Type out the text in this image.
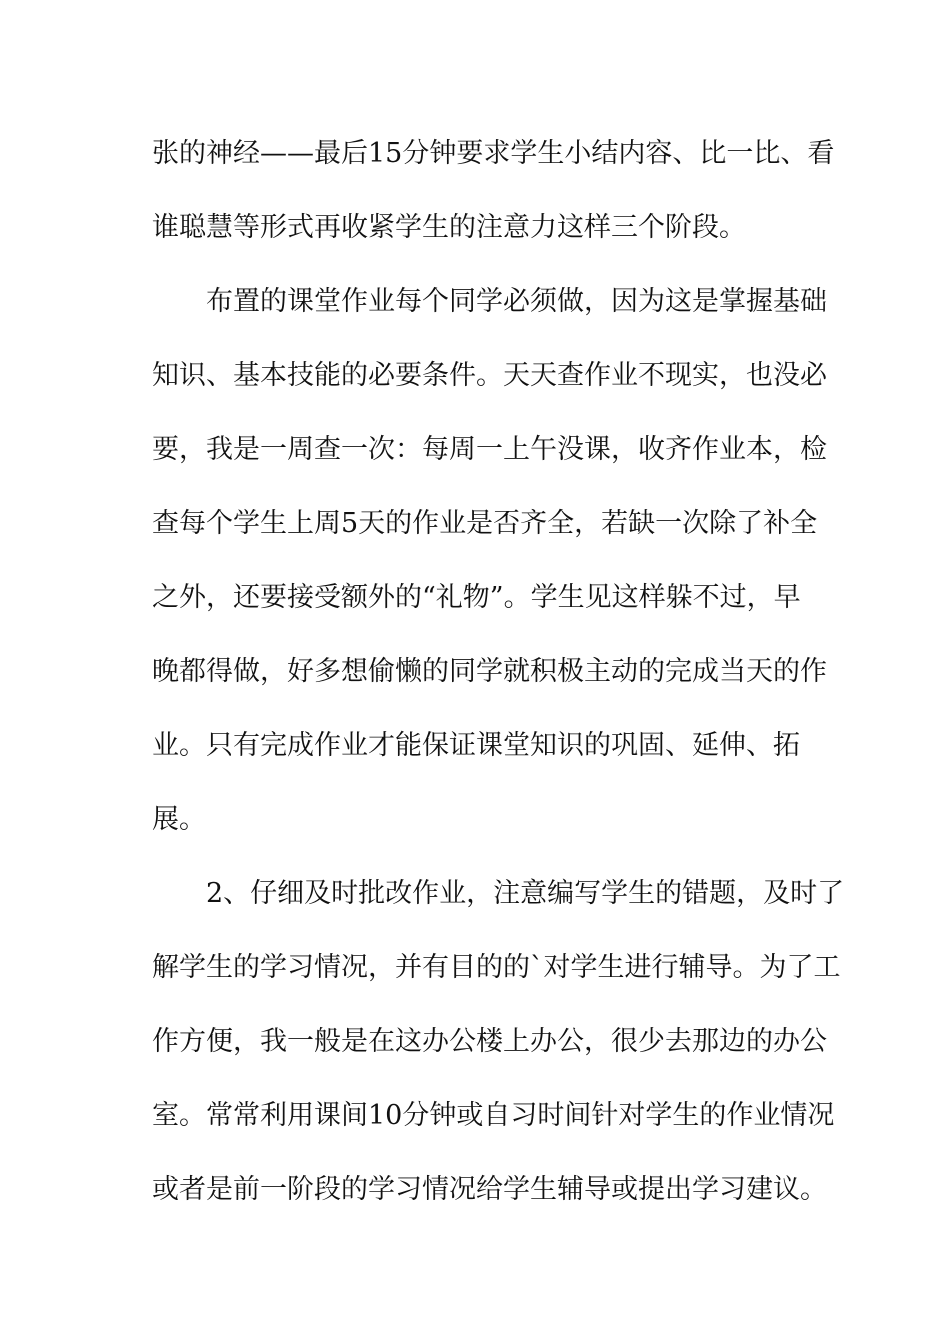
张的神经——最后15分钟要求学生小结内容、比一比、看
谁聪慧等形式再收紧学生的注意力这样三个阶段。
布置的课堂作业每个同学必须做，因为这是掌握基础
知识、基本技能的必要条件。天天查作业不现实，也没必
要，我是一周查一次：每周一上午没课，收齐作业本，检
查每个学生上周5天的作业是否齐全，若缺一次除了补全
之外，还要接受额外的“礼物”。学生见这样躲不过，早
晚都得做，好多想偷懒的同学就积极主动的完成当天的作
业。只有完成作业才能保证课堂知识的巩固、延伸、拓
展。
2、仔细及时批改作业，注意编写学生的错题，及时了
解学生的学习情况，并有目的的`对学生进行辅导。为了工
作方便，我一般是在这办公楼上办公，很少去那边的办公
室。常常利用课间10分钟或自习时间针对学生的作业情况
或者是前一阶段的学习情况给学生辅导或提出学习建议。
